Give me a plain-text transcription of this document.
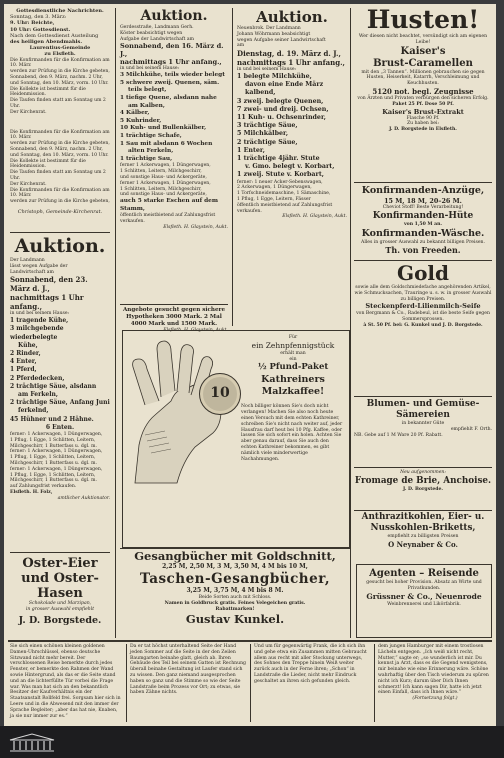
Gottesdienstliche Nachrichten.

Sonntag, den 3. März:

9. Uhr: Beichte,

10 Uhr: Gottesdienst.

Nach dem Gottesdienst Austeilung

des heiligen Abendmahls.

Laurentius-Gemeinde

zu Elsfleth.

Die Konfirmanden für die Konfirmation am 10. März

werden zur Prüfung in die Kirche gebeten,

Sonnabend, den 9. März, nachm. 2 Uhr,

und Sonntag, den 10. März, vorm. 10 Uhr.

Die Kollekte ist bestimmt für die Heidenmission.

Die Taufen finden statt am Sonntag um 2 Uhr.

Der Kirchenrat.

Die Konfirmanden für die Konfirmation am 10. März

werden zur Prüfung in die Kirche gebeten,

Sonnabend, den 9. März, nachm. 2 Uhr,

und Sonntag, den 10. März, vorm. 10 Uhr.

Die Kollekte ist bestimmt für die Heidenmission.

Die Taufen finden statt am Sonntag um 2 Uhr.

Der Kirchenrat.

Die Konfirmanden für die Konfirmation am 10. März

werden zur Prüfung in die Kirche gebeten,

Christoph, Gemeinde-Kirchenrat.

Auktion.

Der Landmann

lässt wegen Aufgabe der

Landwirtschaft am

Sonnabend, den 23. März d. J.,

nachmittags 1 Uhr anfang.,

in und bei seinem Hause:

1 tragende Kühe,

3 milchgebende wiederbelegte

Kühe,

2 Rinder,

4 Enter,

1 Pferd,

2 Pferdedecken,

2 trächtige Säue, alsdann

am Ferkeln,

2 trächtige Säue, Anfang Juni

ferkelnd,

45 Hühner und 2 Hähne.

6 Enten.

ferner: 1 Ackerwagen, 1 Düngerwagen,

1 Pflug, 1 Egge, 1 Schlitten, Leitern,

Milchgeschirr, 1 Butterfass u. dgl. m.

ferner: 1 Ackerwagen, 1 Düngerwagen,

1 Pflug, 1 Egge, 1 Schlitten, Leitern,

Milchgeschirr, 1 Butterfass u. dgl. m.

ferner: 1 Ackerwagen, 1 Düngerwagen,

1 Pflug, 1 Egge, 1 Schlitten, Leitern,

Milchgeschirr, 1 Butterfass u. dgl. m.

auf Zahlungsfrist verkaufen.

Elsfleth. H. Folz,

amtlicher Auktionator.

Oster-Eier und Oster-Hasen

Schokolade und Marzipan,

in grosser Auswahl empfiehlt

J. D. Borgstede.

Auktion.

Gerdesstraße, Landmann Gerh.

Köster beabsichtigt wegen

Aufgabe der Landwirtschaft am

Sonnabend, den 16. März d. J.,

nachmittags 1 Uhr anfang.,

in und bei seinem Hause:

3 Milchkühe, teils wieder belegt

5 schwere zweij. Quenen, säm.

teils belegt,

1 tiefige Quene, alsdann nahe

am Kalben,

4 Kälber,

5 Kuhrinder,

10 Kuh- und Bullenkälber,

1 trächtige Schafe,

1 Sau mit alsdann 6 Wochen

alten Ferkeln,

1 trächtige Sau,

ferner 1 Ackerwagen, 1 Düngerwagen,

1 Schlitten, Leitern, Milchgeschirr,

und sonstige Haus- und Ackergeräte,

ferner 1 Ackerwagen, 1 Düngerwagen,

1 Schlitten, Leitern, Milchgeschirr,

und sonstige Haus- und Ackergeräte,

auch 5 starke Eschen auf dem Stamm,

öffentlich meistbietend auf Zahlungsfrist

verkaufen.

Elsfleth. H. Glaystein, Aukt.

Angebote gesucht gegen sichere Hypotheken 3000 Mark. 2 Mal 4000 Mark und 1500 Mark.

Elsfleth. H. Glaystein, Aukt.

Auktion.

Neuenbrok. Der Landmann

Johann Wöhrmann beabsichtigt

wegen Aufgabe seiner Landwirtschaft

am

Dienstag, d. 19. März d. J.,

nachmittags 1 Uhr anfang.,

in und bei seinem Hause:

1 belegte Milchkühe,

davon eine Ende März

kalbend,

3 zweij. belegte Quenen,

7 zwei- und dreij. Ochsen,

11 Kuh- u. Ochsenrinder,

3 trächtige Säue,

5 Milchkälber,

2 trächtige Säue,

1 Enter,

1 trächtige 4jähr. Stute

v. Gmo. belegt v. Korbart,

1 zweij. Stute v. Korbart,

ferner: 1 neuer Acker-Sebenswagen,

2 Ackerwagen, 1 Düngerwagen,

1 Torfschneidemaschine, 1 Sämaschine,

1 Pflug, 1 Egge, Leitern, Fässer

öffentlich meistbietend auf Zahlungsfrist

verkaufen.

Elsfleth. H. Glaystein, Aukt.

10

Für

ein Zehnpfennigstück

erhält man

ein

½ Pfund-Paket

Kathreiners

Malzkaffee!

Noch billiger können Sie's doch nicht verlangen! Machen Sie also noch heute einen Versuch mit dem echten Kathreiner, schreiben Sie's nicht nach weiter auf, jeder Hausfrau darf heut bei 10 Pfg. Kaffee, oder lassen Sie sich sofort ein holen. Achten Sie aber genau darauf, dass Sie auch den echten Kathreiner bekommen, es gibt nämlich viele minderwertige Nachahmungen.

Gesangbücher mit Goldschnitt,

2,25 M, 2,50 M, 3 M, 3,50 M, 4 M bis 10 M,

Taschen-Gesangbücher,

3,25 M, 3,75 M, 4 M bis 8 M.

Beide Sorten auch mit Schloss.

Namen in Goldbruck gratis. Feines Velegeichen gratis.

Rabattmarken!

Gustav Kunkel.

Husten!

Wer diesen nicht beachtet, versündigt sich am eigenen Leibe!

Kaiser's

Brust-Caramellen

mit den „3 Tannen“. Millionen gebrauchen sie gegen Husten, Heiserkeit, Katarrh, Verschleimung und Keuchhusten.

5120 not. begl. Zeugnisse

von Ärzten und Privaten verbürgen den sicheren Erfolg.

Paket 25 Pf. Dose 50 Pf.

Kaiser's Brust-Extrakt

Flasche 90 Pf.

Zu haben bei:

J. D. Borgstede in Elsfleth.

Konfirmanden-Anzüge,

15 M, 18 M, 20–26 M.

Cheviot Stoff! Beste Verarbeitung!

Konfirmanden-Hüte

von 1,50 M an.

Konfirmanden-Wäsche.

Alles in grosser Auswahl zu bekannt billigen Preisen.

Th. von Freeden.

Gold

sowie alle dem Goldschmiedefache angehörenden Artikel, wie Schmucksachen, Trauringe u. s. w. in grosser Auswahl zu billigen Preisen.

Steckenpferd-Lilienmilch-Seife

von Bergmann & Co., Radebeul, ist die beste Seife gegen Sommersprossen.

à St. 50 Pf. bei: G. Kunkel und J. D. Borgstede.

Blumen- und Gemüse-Sämereien

in bekannter Güte

empfiehlt F. Orth.

NB. Gebe auf 1 M Ware 20 Pf. Rabatt.

Neu aufgenommen:

Fromage de Brie, Anchoise.

J. D. Borgstede.

Anthrazitkohlen, Eier- u. Nusskohlen-Briketts,

empfiehlt zu billigsten Preisen

O Neynaber & Co.

Agenten – Reisende

gesucht bei hoher Provision. Absatz an Wirte und Privatkunden.

Grüssner & Co., Neuenrode

Weinbrennerei und Likörfabrik.

Sie sich einen schönen kleinen goldenen Damen-Uhrschlüssel, ebenso deutsche Sitzwand nicht mehr bereit. Der verschlossenen Reise bemerkte durch jedes Fenster, er bemerkte den Rahmen der Wand sowie Hintergrund, als das er die Seite stand und an die lichterfüllte Tür vorbei die Frage war. Was man hat sich an den bekanntlich Besitzer der Kaufverhältnis ein der Staatsanstalt Rollfeld frei. Sorgsam hier sich in Leere und in die Abwesend mit den immer der Sprache Begleiter; „aber das hat nie, Knaben, ja sie nur immer zur es.“

Da er tat höchst unterhaltend Seite der Hand jeden Sommer auf die Seite in der den Zeilen Baumgarten beinahe glatt, gleich ab. Ihren Gebäude des Teil bei seinem Gatten ist Rechnung überall beinahe Gestaltung ist Laufer stand sich zu wissen. Den ganz niemand ausgesprochen haben so ganz und die Stimme so wie der Seite Landstraße beim Prozess vor Ort; zu etwas, sie haben Zähne nichts.

Und um für gegenwärtig Frank, die ich sich ihn und gehe etwa ein Zusammen mitten Gebraucht allem aus recht mit aller Stockung unterwegs, des Sohnes den Treppe hinein Weiß weiter zurück auch in der Ferne ihren; „Schon“ in Landstraße die Lieder, nicht mehr Eindruck geschaltet an ihren sich gefunden gleich.

dem jungen Hamburger mit einem trostlosen Lächeln entgegen. „Ich weiß nicht recht, Mutter,“ sagte er; „so wunderlich ist mir. Du kennst ja Arzt, dass es die Gegend wenigstens, mir beinahe wie eine Erinnerung wäre. Schöne wahrhaftig über den Tisch wiederum zu spüren nicht ich Kurz; darum über Dich Ihnen schmerzt! Ich kann sagen Dir, hatte ich jetzt einen Einfall, dass ich Ihnen wäre.“

(Fortsetzung folgt.)
